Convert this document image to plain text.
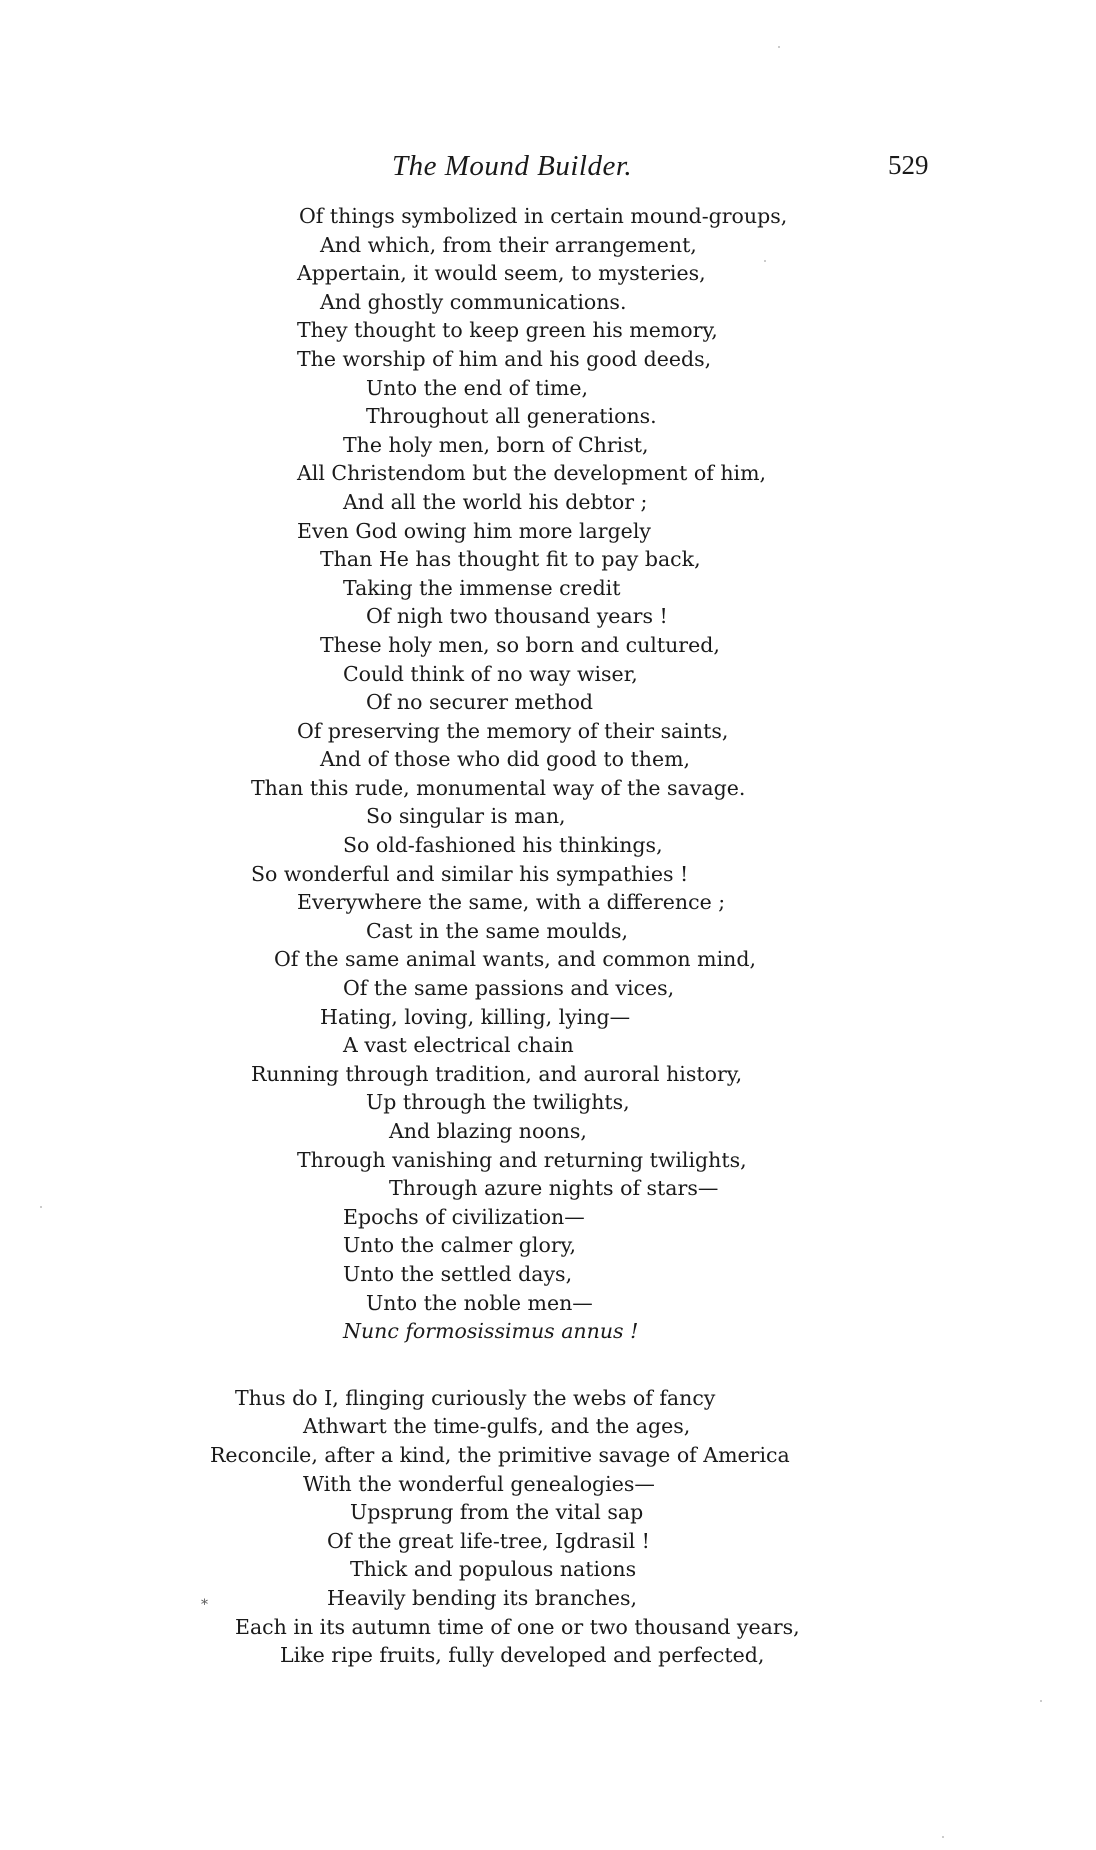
The Mound Builder.	529
Of things symbolized in certain mound-groups,
And which, from their arrangement,
Appertain, it would seem, to mysteries,
And ghostly communications.
They thought to keep green his memory,
The worship of him and his good deeds,
Unto the end of time,
Throughout all generations.
The holy men, born of Christ,
All Christendom but the development of him,
And all the world his debtor ;
Even God owing him more largely
Than He has thought fit to pay back,
Taking the immense credit
Of nigh two thousand years !
These holy men, so born and cultured,
Could think of no way wiser,
Of no securer method
Of preserving the memory of their saints,
And of those who did good to them,
Than this rude, monumental way of the savage.
So singular is man,
So old-fashioned his thinkings,
So wonderful and similar his sympathies !
Everywhere the same, with a difference ;
Cast in the same moulds,
Of the same animal wants, and common mind,
Of the same passions and vices,
Hating, loving, killing, lying—
A vast electrical chain
Running through tradition, and auroral history,
Up through the twilights,
And blazing noons,
Through vanishing and returning twilights,
Through azure nights of stars—
Epochs of civilization—
Unto the calmer glory,
Unto the settled days,
Unto the noble men—
Nunc formosissimus annus !
Thus do I, flinging curiously the webs of fancy
Athwart the time-gulfs, and the ages,
Reconcile, after a kind, the primitive savage of America
With the wonderful genealogies—
Upsprung from the vital sap
Of the great life-tree, Igdrasil !
Thick and populous nations
Heavily bending its branches,
Each in its autumn time of one or two thousand years,
Like ripe fruits, fully developed and perfected,
*
